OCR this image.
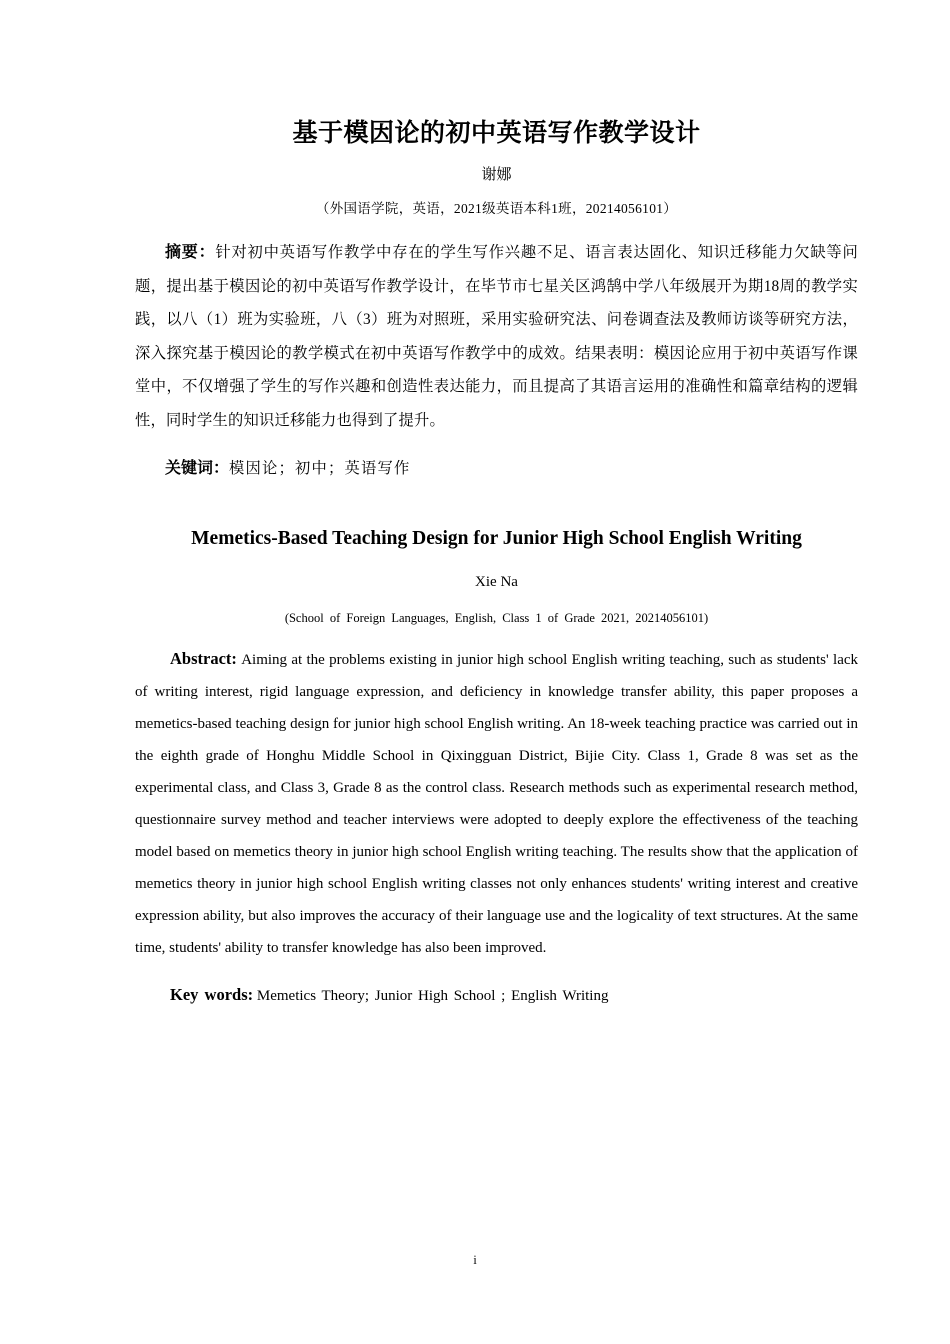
基于模因论的初中英语写作教学设计
谢娜
（外国语学院，英语，2021级英语本科1班，20214056101）

摘要：针对初中英语写作教学中存在的学生写作兴趣不足、语言表达固化、知识迁移能力欠缺等问题，提出基于模因论的初中英语写作教学设计，在毕节市七星关区鸿鹄中学八年级展开为期18周的教学实践，以八（1）班为实验班，八（3）班为对照班，采用实验研究法、问卷调查法及教师访谈等研究方法，深入探究基于模因论的教学模式在初中英语写作教学中的成效。结果表明：模因论应用于初中英语写作课堂中，不仅增强了学生的写作兴趣和创造性表达能力，而且提高了其语言运用的准确性和篇章结构的逻辑性，同时学生的知识迁移能力也得到了提升。

关键词：模因论；初中；英语写作

Memetics-Based Teaching Design for Junior High School English Writing
Xie Na
(School of Foreign Languages, English, Class 1 of Grade 2021, 20214056101)

Abstract: Aiming at the problems existing in junior high school English writing teaching, such as students' lack of writing interest, rigid language expression, and deficiency in knowledge transfer ability, this paper proposes a memetics-based teaching design for junior high school English writing. An 18-week teaching practice was carried out in the eighth grade of Honghu Middle School in Qixingguan District, Bijie City. Class 1, Grade 8 was set as the experimental class, and Class 3, Grade 8 as the control class. Research methods such as experimental research method, questionnaire survey method and teacher interviews were adopted to deeply explore the effectiveness of the teaching model based on memetics theory in junior high school English writing teaching. The results show that the application of memetics theory in junior high school English writing classes not only enhances students' writing interest and creative expression ability, but also improves the accuracy of their language use and the logicality of text structures. At the same time, students' ability to transfer knowledge has also been improved.

Key words: Memetics Theory; Junior High School ; English Writing

i
